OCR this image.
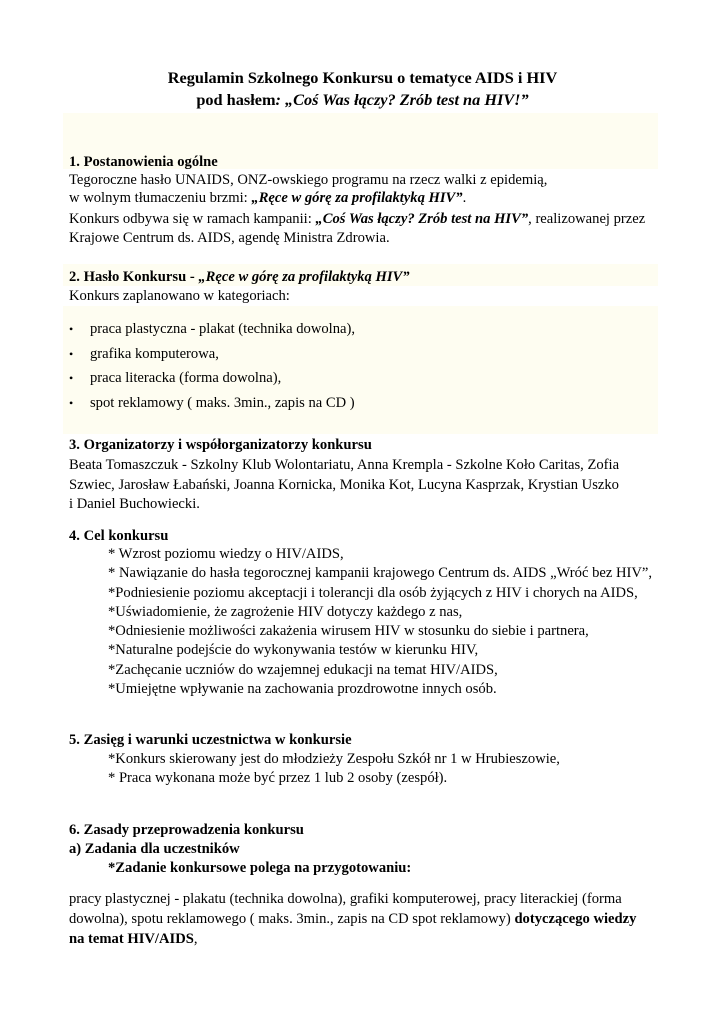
Regulamin Szkolnego Konkursu o tematyce AIDS i HIV
pod hasłem: „Coś Was łączy? Zrób test na HIV!”
1. Postanowienia ogólne
Tegoroczne hasło UNAIDS, ONZ-owskiego programu na rzecz walki z epidemią,
w wolnym tłumaczeniu brzmi: „Ręce w górę za profilaktyką HIV”.
Konkurs odbywa się w ramach kampanii: „Coś Was łączy? Zrób test na HIV”, realizowanej przez
Krajowe Centrum ds. AIDS, agendę Ministra Zdrowia.
2. Hasło Konkursu - „Ręce w górę za profilaktyką HIV”
Konkurs zaplanowano w kategoriach:
• praca plastyczna - plakat (technika dowolna),
• grafika komputerowa,
• praca literacka (forma dowolna),
• spot reklamowy ( maks. 3min., zapis na CD )
3. Organizatorzy i współorganizatorzy konkursu
Beata Tomaszczuk - Szkolny Klub Wolontariatu, Anna Krempla - Szkolne Koło Caritas, Zofia
Szwiec, Jarosław Łabański, Joanna Kornicka, Monika Kot, Lucyna Kasprzak, Krystian Uszko
i Daniel Buchowiecki.
4. Cel konkursu
* Wzrost poziomu wiedzy o HIV/AIDS,
* Nawiązanie do hasła tegorocznej kampanii krajowego Centrum ds. AIDS „Wróć bez HIV”,
*Podniesienie poziomu akceptacji i tolerancji dla osób żyjących z HIV i chorych na AIDS,
*Uświadomienie, że zagrożenie HIV dotyczy każdego z nas,
*Odniesienie możliwości zakażenia wirusem HIV w stosunku do siebie i partnera,
*Naturalne podejście do wykonywania testów w kierunku HIV,
*Zachęcanie uczniów do wzajemnej edukacji na temat HIV/AIDS,
*Umiejętne wpływanie na zachowania prozdrowotne innych osób.
5. Zasięg i warunki uczestnictwa w konkursie
*Konkurs skierowany jest do młodzieży Zespołu Szkół nr 1 w Hrubieszowie,
* Praca wykonana może być przez 1 lub 2 osoby (zespół).
6. Zasady przeprowadzenia konkursu
a) Zadania dla uczestników
*Zadanie konkursowe polega na przygotowaniu:
pracy plastycznej - plakatu (technika dowolna), grafiki komputerowej, pracy literackiej (forma
dowolna), spotu reklamowego ( maks. 3min., zapis na CD spot reklamowy) dotyczącego wiedzy
na temat HIV/AIDS,
